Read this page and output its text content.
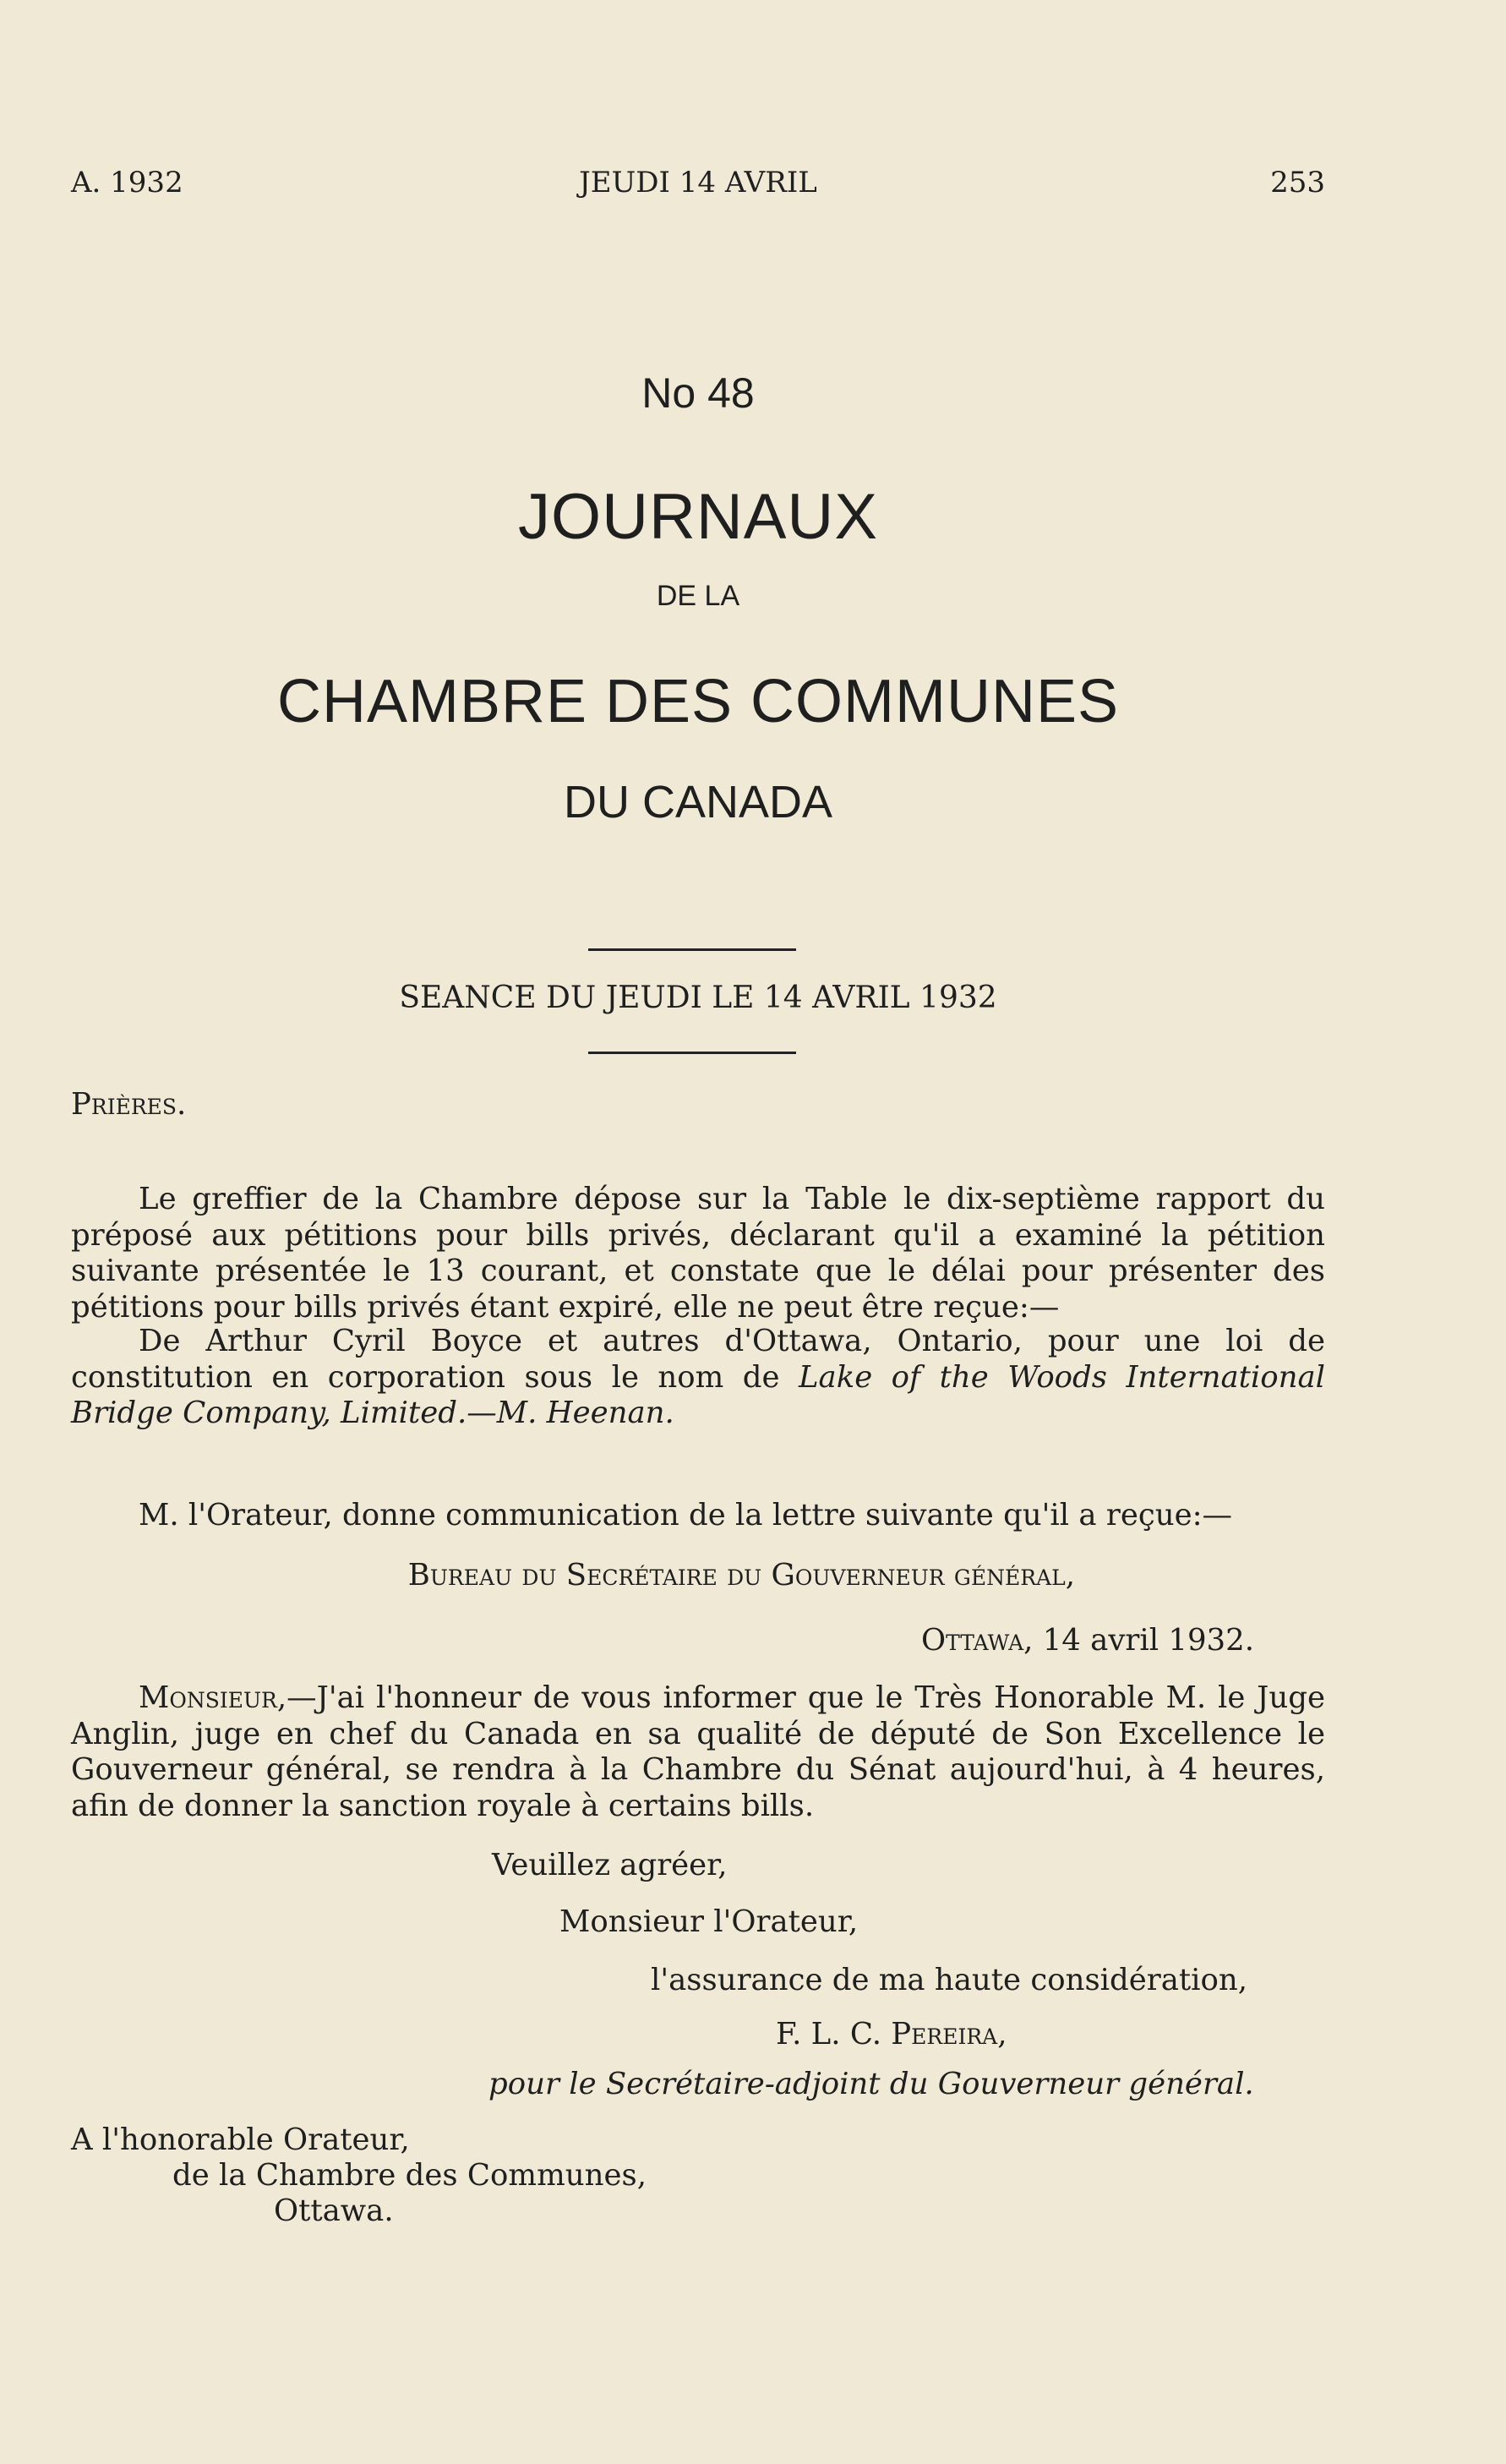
A. 1932	JEUDI 14 AVRIL	253
No 48
JOURNAUX
DE LA
CHAMBRE DES COMMUNES
DU CANADA
SEANCE DU JEUDI LE 14 AVRIL 1932
Prières.
Le greffier de la Chambre dépose sur la Table le dix-septième rapport du préposé aux pétitions pour bills privés, déclarant qu'il a examiné la pétition suivante présentée le 13 courant, et constate que le délai pour présenter des pétitions pour bills privés étant expiré, elle ne peut être reçue:—
De Arthur Cyril Boyce et autres d'Ottawa, Ontario, pour une loi de constitution en corporation sous le nom de Lake of the Woods International Bridge Company, Limited.—M. Heenan.
M. l'Orateur, donne communication de la lettre suivante qu'il a reçue:—
Bureau du Secrétaire du Gouverneur général,
Ottawa, 14 avril 1932.
Monsieur,—J'ai l'honneur de vous informer que le Très Honorable M. le Juge Anglin, juge en chef du Canada en sa qualité de député de Son Excellence le Gouverneur général, se rendra à la Chambre du Sénat aujourd'hui, à 4 heures, afin de donner la sanction royale à certains bills.
Veuillez agréer,
Monsieur l'Orateur,
l'assurance de ma haute considération,
F. L. C. Pereira,
pour le Secrétaire-adjoint du Gouverneur général.
A l'honorable Orateur,
de la Chambre des Communes,
Ottawa.
